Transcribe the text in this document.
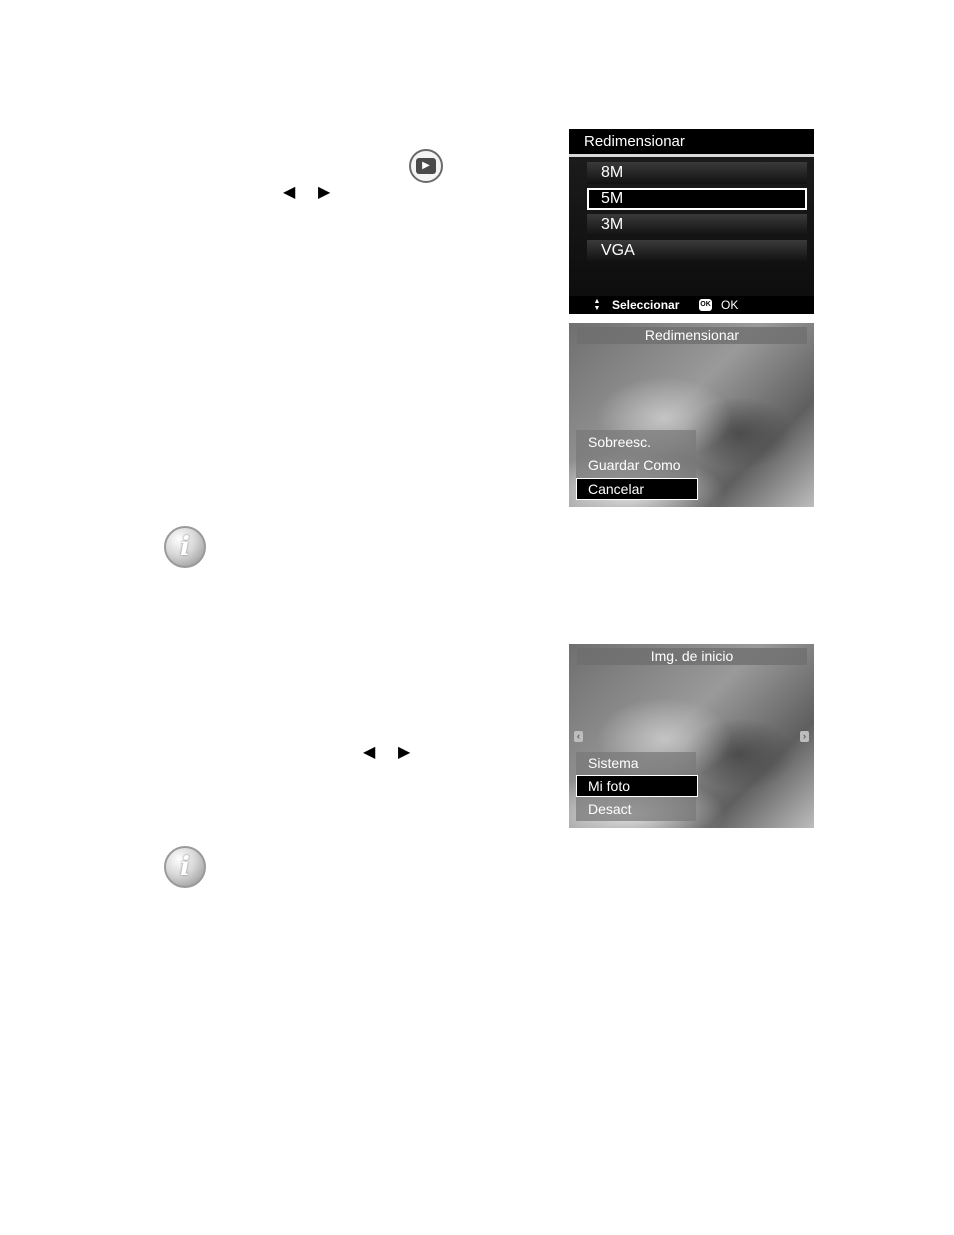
▶
◀ ▶
Redimensionar
8M
5M
3M
VGA
▲▼ Seleccionar	OK OK
Redimensionar
Sobreesc.
Guardar Como
Cancelar
i
◀ ▶
Img. de inicio
‹	›
Sistema
Mi foto
Desact
i
